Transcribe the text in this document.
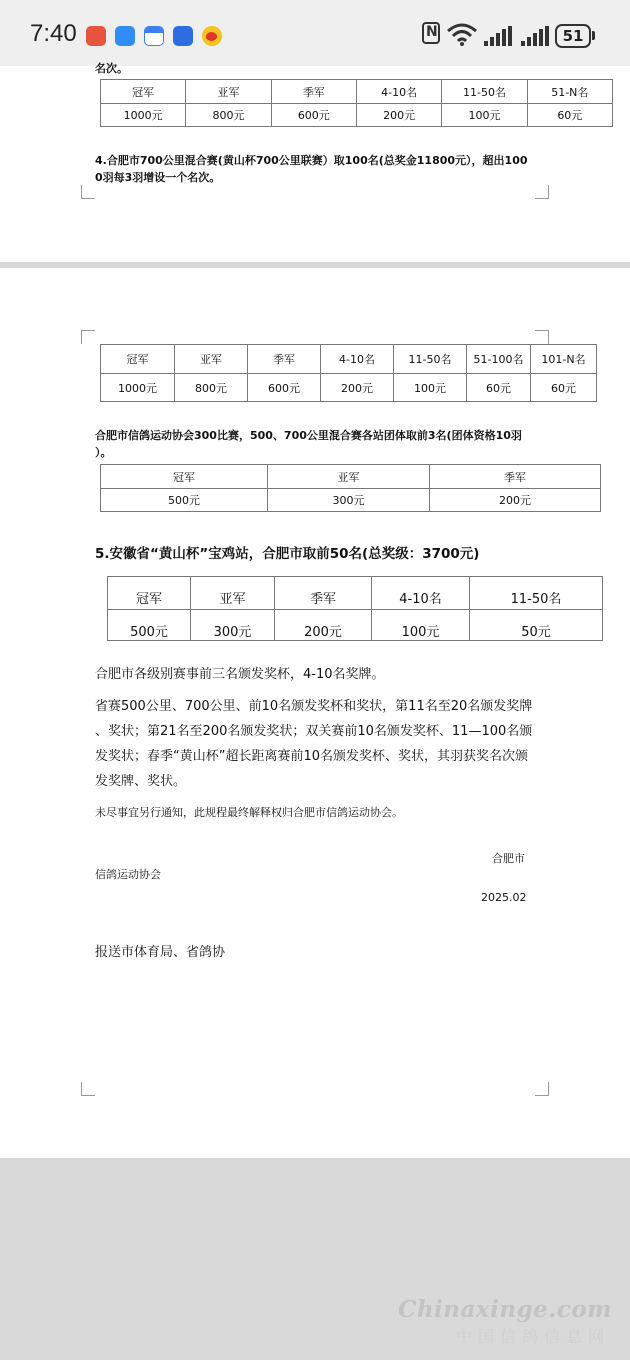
7:40 N	51
名次。
冠军	亚军	季军	4-10名	11-50名	51-N名
1000元	800元	600元	200元	100元	60元
4.合肥市700公里混合赛(黄山杯700公里联赛）取100名(总奖金11800元），超出100
0羽每3羽增设一个名次。
冠军	亚军	季军	4-10名	11-50名	51-100名	101-N名
1000元	800元	600元	200元	100元	60元	60元
合肥市信鸽运动协会300比赛，500、700公里混合赛各站团体取前3名(团体资格10羽
）。
冠军	亚军	季军
500元	300元	200元
5.安徽省“黄山杯”宝鸡站，合肥市取前50名(总奖级：3700元)
冠军	亚军	季军	4-10名	11-50名
500元	300元	200元	100元	50元
合肥市各级别赛事前三名颁发奖杯，4-10名奖牌。
省赛500公里、700公里、前10名颁发奖杯和奖状，第11名至20名颁发奖牌
、奖状；第21名至200名颁发奖状；双关赛前10名颁发奖杯、11—100名颁
发奖状；春季“黄山杯”超长距离赛前10名颁发奖杯、奖状，其羽获奖名次颁
发奖牌、奖状。
未尽事宜另行通知，此规程最终解释权归合肥市信鸽运动协会。
合肥市
信鸽运动协会
2025.02
报送市体育局、省鸽协
Chinaxinge.com
中国信鸽信息网
